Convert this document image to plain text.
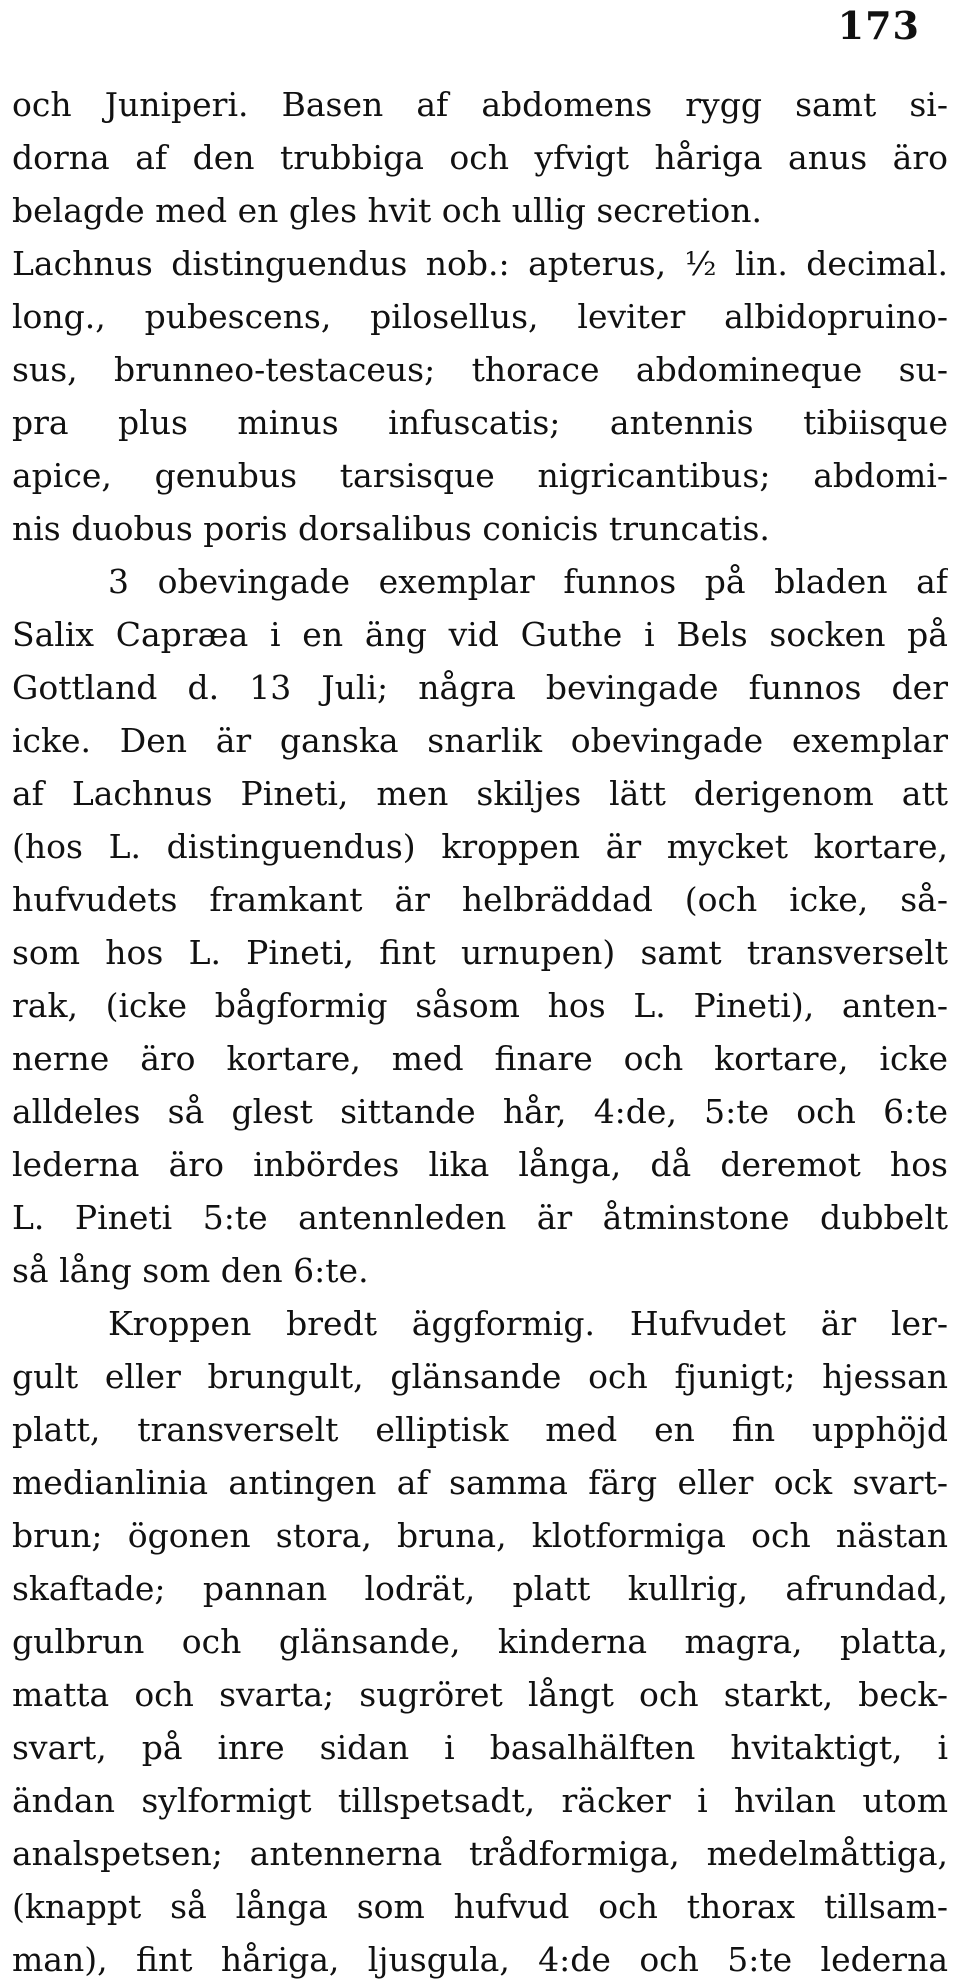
173
och Juniperi. Basen af abdomens rygg samt si-
dorna af den trubbiga och yfvigt håriga anus äro
belagde med en gles hvit och ullig secretion.
Lachnus distinguendus nob.: apterus, ½ lin. decimal.
long., pubescens, pilosellus, leviter albidopruino-
sus, brunneo-testaceus; thorace abdomineque su-
pra plus minus infuscatis; antennis tibiisque
apice, genubus tarsisque nigricantibus; abdomi-
nis duobus poris dorsalibus conicis truncatis.
3 obevingade exemplar funnos på bladen af
Salix Capræa i en äng vid Guthe i Bels socken på
Gottland d. 13 Juli; några bevingade funnos der
icke. Den är ganska snarlik obevingade exemplar
af Lachnus Pineti, men skiljes lätt derigenom att
(hos L. distinguendus) kroppen är mycket kortare,
hufvudets framkant är helbräddad (och icke, så-
som hos L. Pineti, fint urnupen) samt transverselt
rak, (icke bågformig såsom hos L. Pineti), anten-
nerne äro kortare, med finare och kortare, icke
alldeles så glest sittande hår, 4:de, 5:te och 6:te
lederna äro inbördes lika långa, då deremot hos
L. Pineti 5:te antennleden är åtminstone dubbelt
så lång som den 6:te.
Kroppen bredt äggformig. Hufvudet är ler-
gult eller brungult, glänsande och fjunigt; hjessan
platt, transverselt elliptisk med en fin upphöjd
medianlinia antingen af samma färg eller ock svart-
brun; ögonen stora, bruna, klotformiga och nästan
skaftade; pannan lodrät, platt kullrig, afrundad,
gulbrun och glänsande, kinderna magra, platta,
matta och svarta; sugröret långt och starkt, beck-
svart, på inre sidan i basalhälften hvitaktigt, i
ändan sylformigt tillspetsadt, räcker i hvilan utom
analspetsen; antennerna trådformiga, medelmåttiga,
(knappt så långa som hufvud och thorax tillsam-
man), fint håriga, ljusgula, 4:de och 5:te lederna
